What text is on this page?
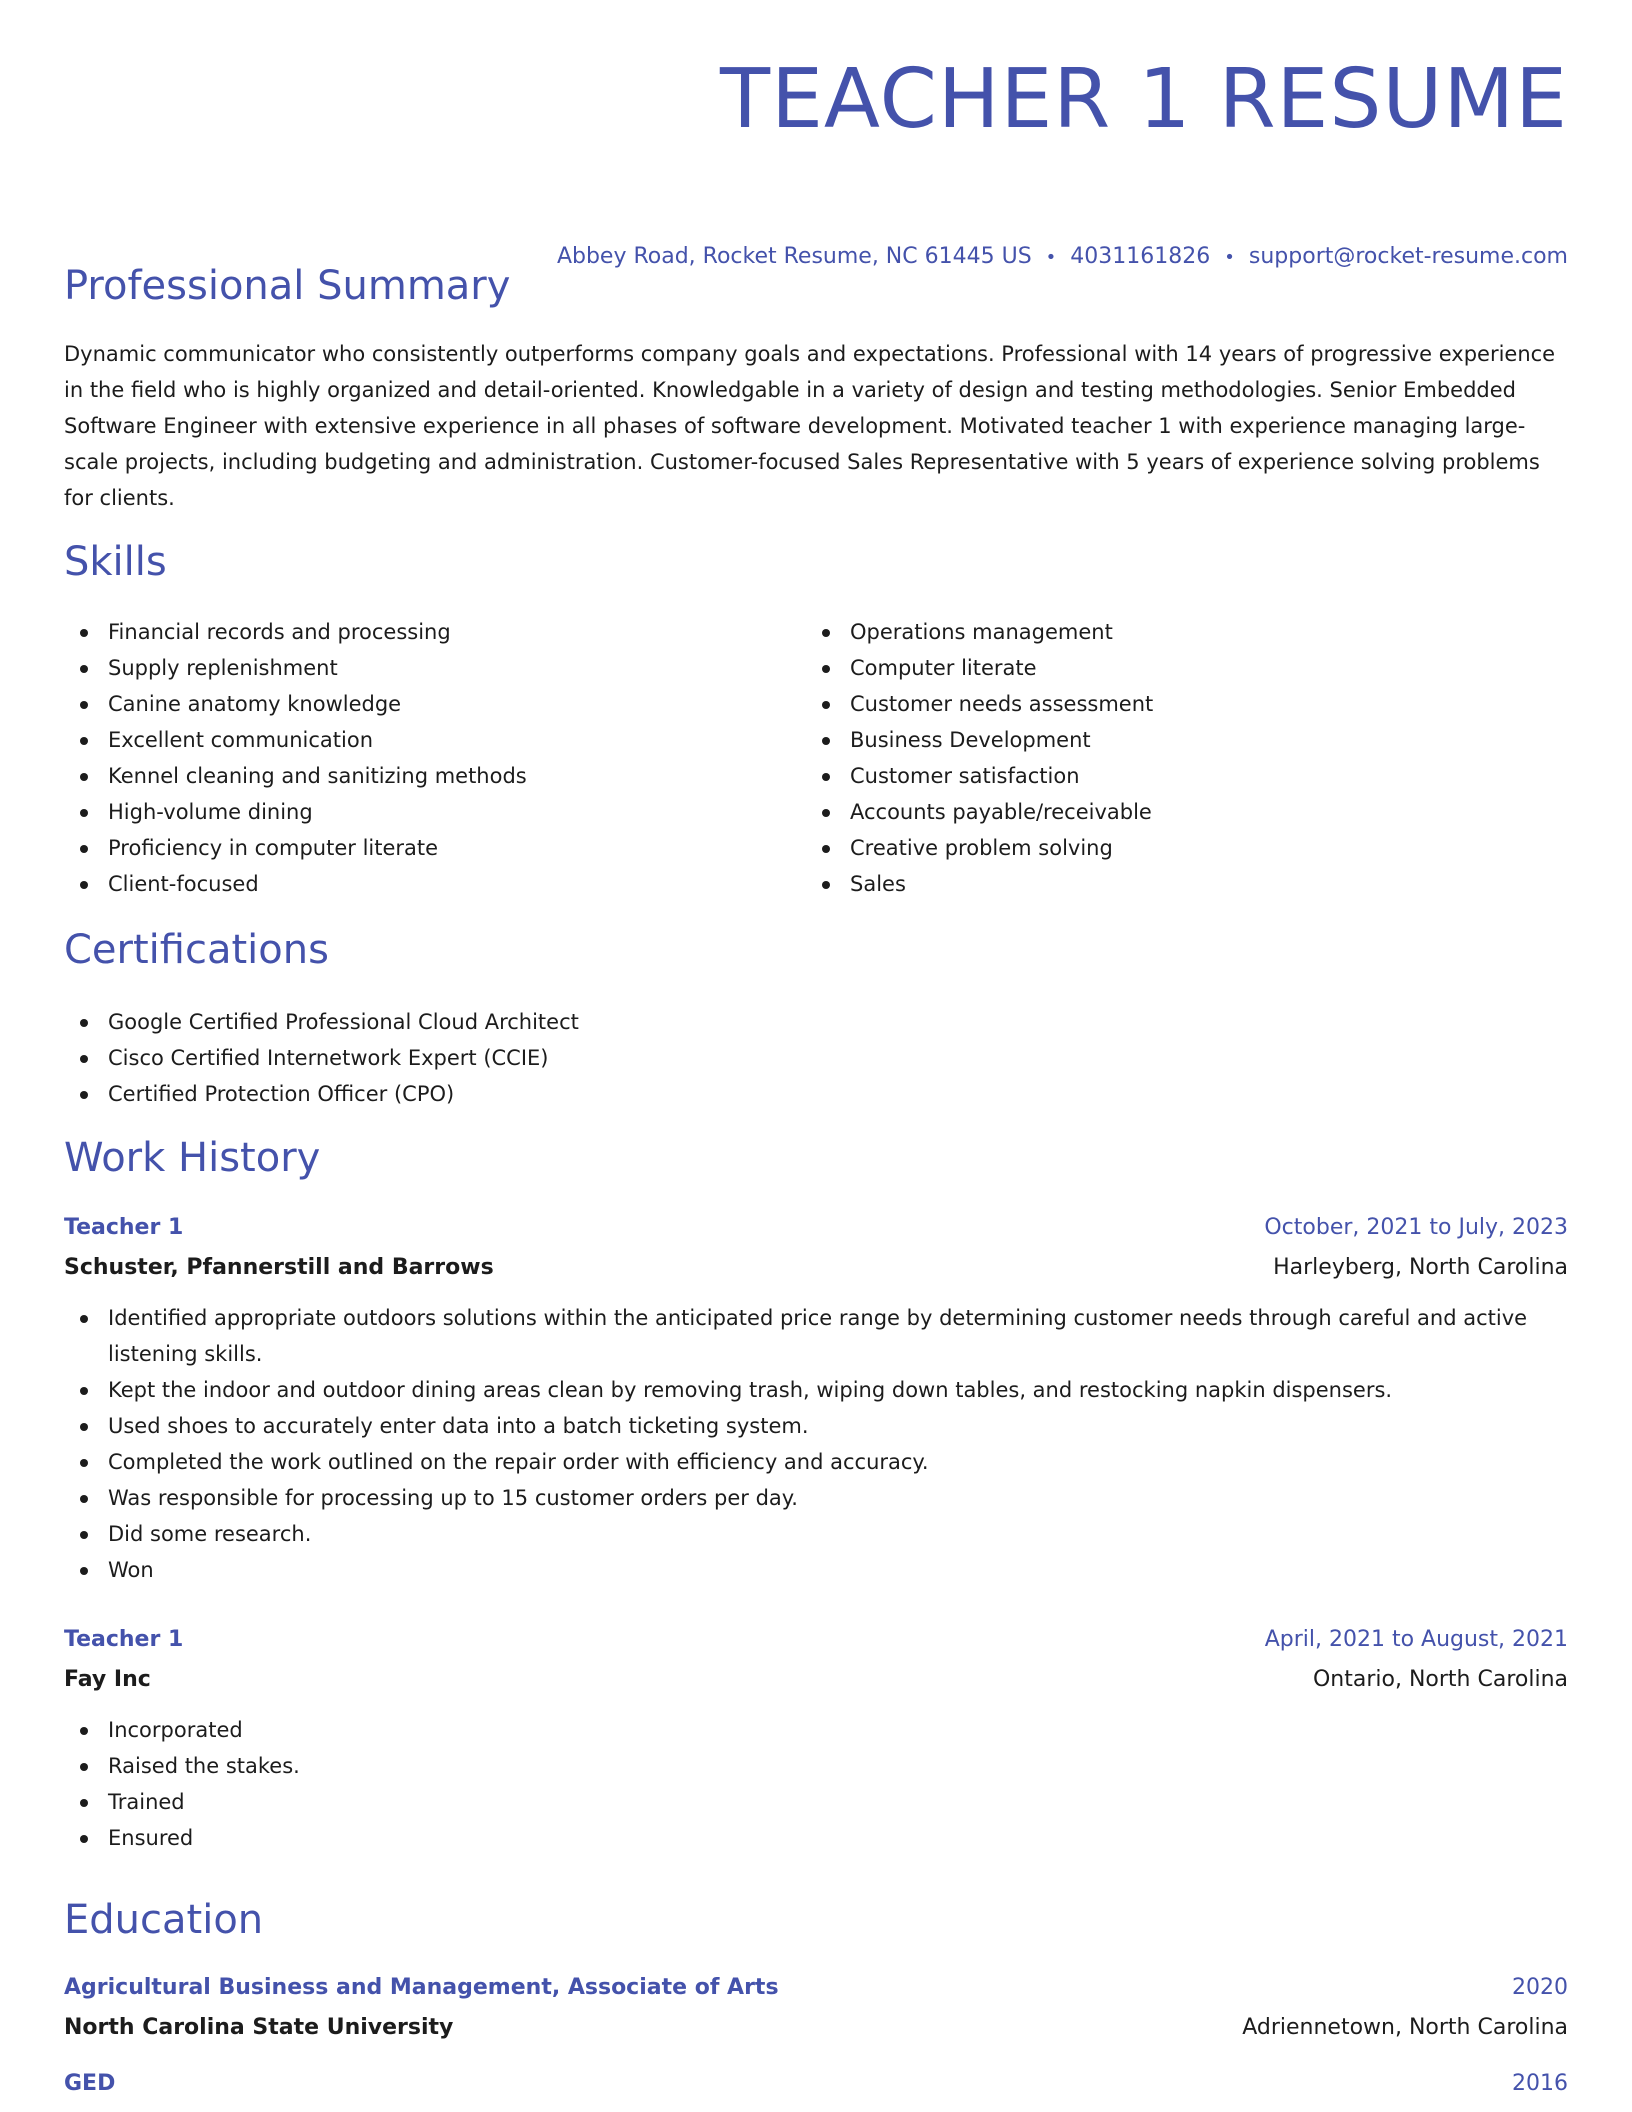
TEACHER 1 RESUME
Abbey Road, Rocket Resume, NC 61445 US • 4031161826 • support@rocket-resume.com
Professional Summary

Dynamic communicator who consistently outperforms company goals and expectations. Professional with 14 years of progressive experience in the field who is highly organized and detail-oriented. Knowledgable in a variety of design and testing methodologies. Senior Embedded Software Engineer with extensive experience in all phases of software development. Motivated teacher 1 with experience managing large-scale projects, including budgeting and administration. Customer-focused Sales Representative with 5 years of experience solving problems for clients.

Skills
Financial records and processing
Supply replenishment
Canine anatomy knowledge
Excellent communication
Kennel cleaning and sanitizing methods
High-volume dining
Proficiency in computer literate
Client-focused
Operations management
Computer literate
Customer needs assessment
Business Development
Customer satisfaction
Accounts payable/receivable
Creative problem solving
Sales
Certifications
Google Certified Professional Cloud Architect
Cisco Certified Internetwork Expert (CCIE)
Certified Protection Officer (CPO)
Work History
Teacher 1	October, 2021 to July, 2023
Schuster, Pfannerstill and Barrows	Harleyberg, North Carolina
Identified appropriate outdoors solutions within the anticipated price range by determining customer needs through careful and active listening skills.
Kept the indoor and outdoor dining areas clean by removing trash, wiping down tables, and restocking napkin dispensers.
Used shoes to accurately enter data into a batch ticketing system.
Completed the work outlined on the repair order with efficiency and accuracy.
Was responsible for processing up to 15 customer orders per day.
Did some research.
Won
Teacher 1	April, 2021 to August, 2021
Fay Inc	Ontario, North Carolina
Incorporated
Raised the stakes.
Trained
Ensured
Education
Agricultural Business and Management, Associate of Arts	2020
North Carolina State University	Adriennetown, North Carolina
GED	2016
